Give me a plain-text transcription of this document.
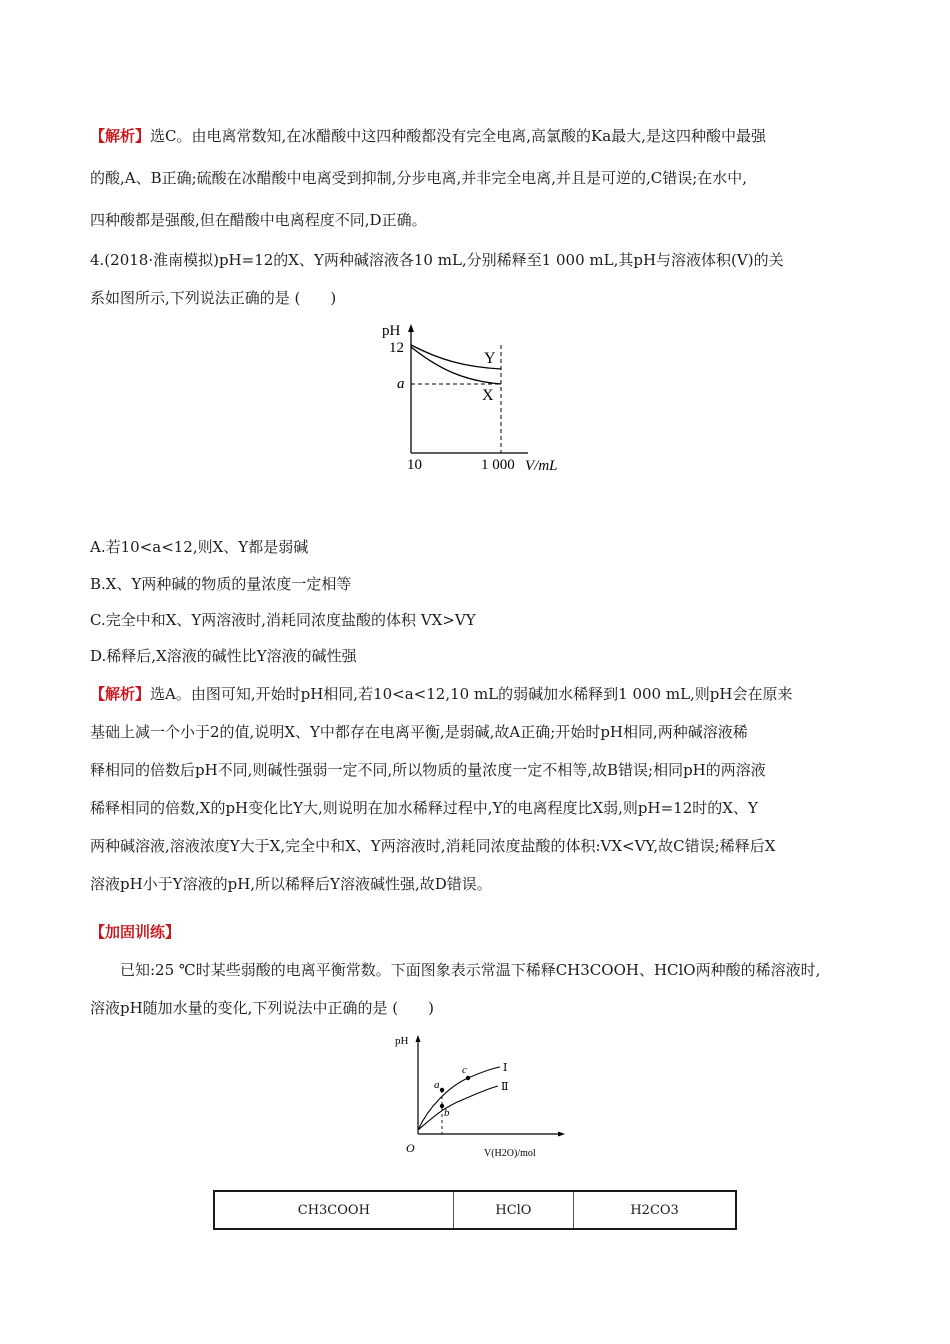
【解析】选C。由电离常数知,在冰醋酸中这四种酸都没有完全电离,高氯酸的Ka最大,是这四种酸中最强
的酸,A、B正确;硫酸在冰醋酸中电离受到抑制,分步电离,并非完全电离,并且是可逆的,C错误;在水中,
四种酸都是强酸,但在醋酸中电离程度不同,D正确。
4.(2018·淮南模拟)pH=12的X、Y两种碱溶液各10 mL,分别稀释至1 000 mL,其pH与溶液体积(V)的关
系如图所示,下列说法正确的是 (　　)
pH
12
a
Y
X
10	1 000 V/mL
A.若10<a<12,则X、Y都是弱碱
B.X、Y两种碱的物质的量浓度一定相等
C.完全中和X、Y两溶液时,消耗同浓度盐酸的体积 VX>VY
D.稀释后,X溶液的碱性比Y溶液的碱性强
【解析】选A。由图可知,开始时pH相同,若10<a<12,10 mL的弱碱加水稀释到1 000 mL,则pH会在原来
基础上减一个小于2的值,说明X、Y中都存在电离平衡,是弱碱,故A正确;开始时pH相同,两种碱溶液稀
释相同的倍数后pH不同,则碱性强弱一定不同,所以物质的量浓度一定不相等,故B错误;相同pH的两溶液
稀释相同的倍数,X的pH变化比Y大,则说明在加水稀释过程中,Y的电离程度比X弱,则pH=12时的X、Y
两种碱溶液,溶液浓度Y大于X,完全中和X、Y两溶液时,消耗同浓度盐酸的体积:VX<VY,故C错误;稀释后X
溶液pH小于Y溶液的pH,所以稀释后Y溶液碱性强,故D错误。
【加固训练】
已知:25 ℃时某些弱酸的电离平衡常数。下面图象表示常温下稀释CH3COOH、HClO两种酸的稀溶液时,
溶液pH随加水量的变化,下列说法中正确的是 (　　)
pH
O	V(H2O)/mol
Ⅰ
Ⅱ
a
b
c
CH3COOH	HClO	H2CO3
